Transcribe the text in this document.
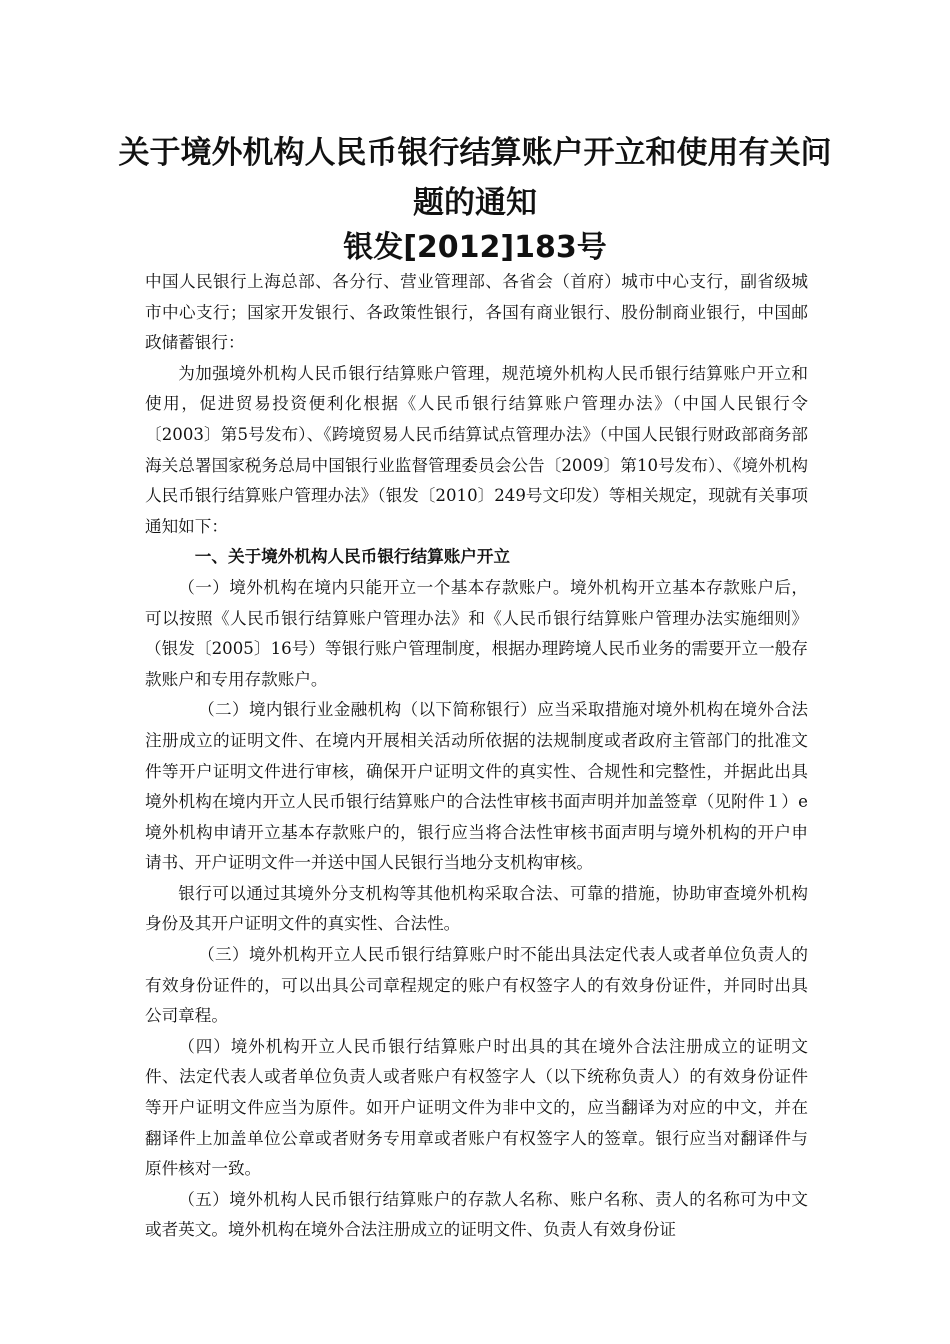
关于境外机构人民币银行结算账户开立和使用有关问题的通知
银发[2012]183号

中国人民银行上海总部、各分行、营业管理部、各省会（首府）城市中心支行，副省级城市中心支行；国家开发银行、各政策性银行，各国有商业银行、股份制商业银行，中国邮政储蓄银行：

为加强境外机构人民币银行结算账户管理，规范境外机构人民币银行结算账户开立和使用，促进贸易投资便利化根据《人民币银行结算账户管理办法》（中国人民银行令〔2003〕第5号发布）、《跨境贸易人民币结算试点管理办法》（中国人民银行财政部商务部海关总署国家税务总局中国银行业监督管理委员会公告〔2009〕第10号发布）、《境外机构人民币银行结算账户管理办法》（银发〔2010〕249号文印发）等相关规定，现就有关事项通知如下：

一、关于境外机构人民币银行结算账户开立

（一）境外机构在境内只能开立一个基本存款账户。境外机构开立基本存款账户后，可以按照《人民币银行结算账户管理办法》和《人民币银行结算账户管理办法实施细则》（银发〔2005〕16号）等银行账户管理制度，根据办理跨境人民币业务的需要开立一般存款账户和专用存款账户。

（二）境内银行业金融机构（以下简称银行）应当采取措施对境外机构在境外合法注册成立的证明文件、在境内开展相关活动所依据的法规制度或者政府主管部门的批准文件等开户证明文件进行审核，确保开户证明文件的真实性、合规性和完整性，并据此出具境外机构在境内开立人民币银行结算账户的合法性审核书面声明并加盖签章（见附件１）e境外机构申请开立基本存款账户的，银行应当将合法性审核书面声明与境外机构的开户申请书、开户证明文件一并送中国人民银行当地分支机构审核。

银行可以通过其境外分支机构等其他机构采取合法、可靠的措施，协助审查境外机构身份及其开户证明文件的真实性、合法性。

（三）境外机构开立人民币银行结算账户时不能出具法定代表人或者单位负责人的有效身份证件的，可以出具公司章程规定的账户有权签字人的有效身份证件，并同时出具公司章程。

（四）境外机构开立人民币银行结算账户时出具的其在境外合法注册成立的证明文件、法定代表人或者单位负责人或者账户有权签字人（以下统称负责人）的有效身份证件等开户证明文件应当为原件。如开户证明文件为非中文的，应当翻译为对应的中文，并在翻译件上加盖单位公章或者财务专用章或者账户有权签字人的签章。银行应当对翻译件与原件核对一致。

（五）境外机构人民币银行结算账户的存款人名称、账户名称、责人的名称可为中文或者英文。境外机构在境外合法注册成立的证明文件、负责人有效身份证
